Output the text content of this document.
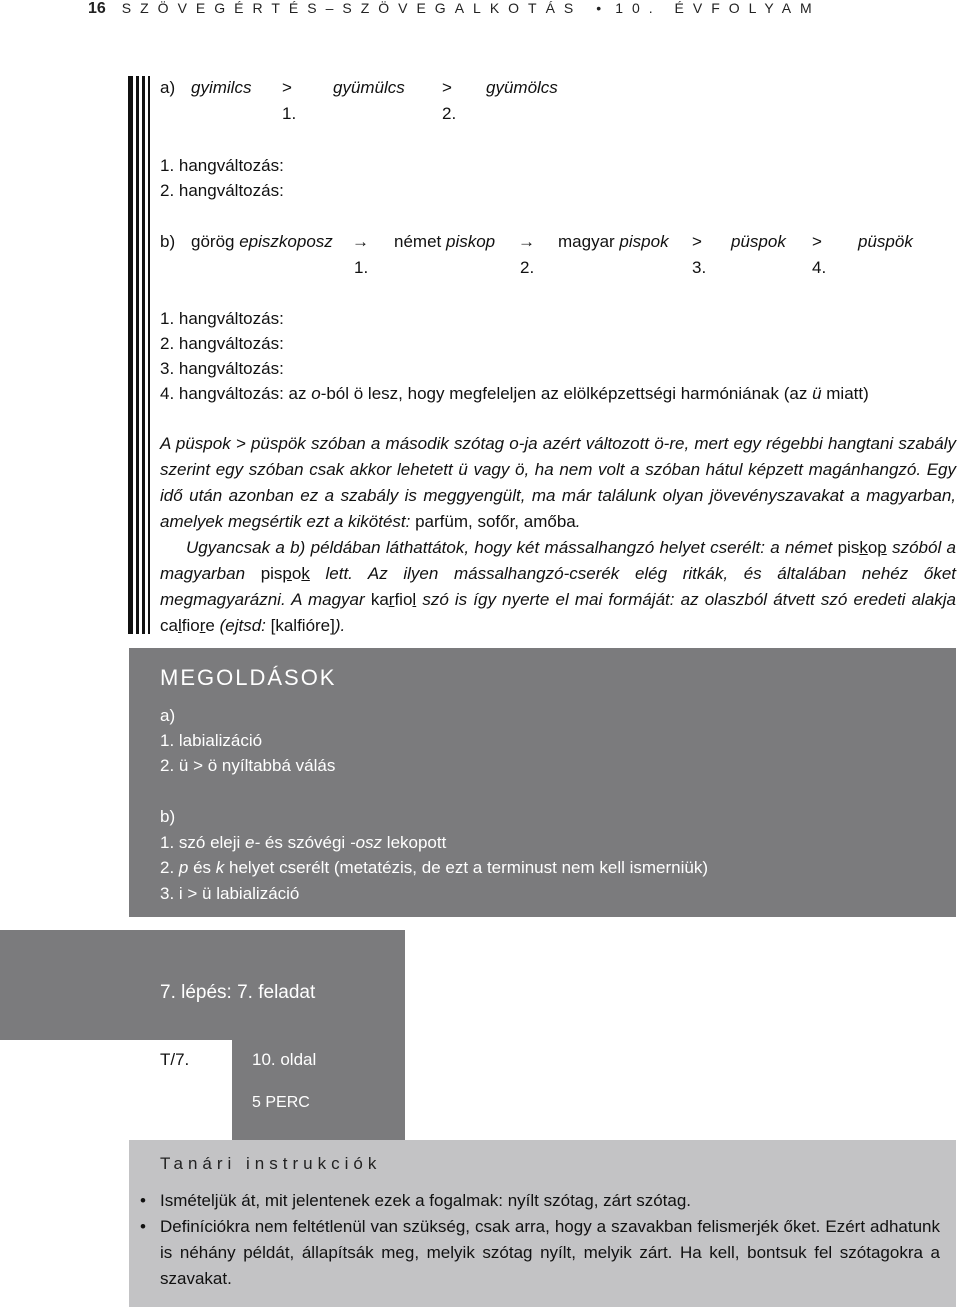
16 SZÖVEGÉRTÉS–SZÖVEGALKOTÁS • 10. ÉVFOLYAM
a) gyimilcs > gyümülcs > gyümölcs
1.	2.
1. hangváltozás:
2. hangváltozás:
b) görög episzkoposz → német piskop → magyar pispok > püspok > püspök
1.	2.	3.	4.
1. hangváltozás:
2. hangváltozás:
3. hangváltozás:
4. hangváltozás: az o-ból ö lesz, hogy megfeleljen az elölképzettségi harmóniának (az ü miatt)

A püspok > püspök szóban a második szótag o-ja azért változott ö-re, mert egy régebbi hangtani szabály szerint egy szóban csak akkor lehetett ü vagy ö, ha nem volt a szóban hátul képzett magánhangzó. Egy idő után azonban ez a szabály is meggyengült, ma már találunk olyan jövevényszavakat a magyarban, amelyek megsértik ezt a kikötést: parfüm, sofőr, amőba.

Ugyancsak a b) példában láthattátok, hogy két mássalhangzó helyet cserélt: a német piskop szóból a magyarban pispok lett. Az ilyen mássalhangzó-cserék elég ritkák, és általában nehéz őket megmagyarázni. A magyar karfiol szó is így nyerte el mai formáját: az olaszból átvett szó eredeti alakja calfiore (ejtsd: [kalfióre]).

MEGOLDÁSOK
a)
1. labializáció
2. ü > ö nyíltabbá válás
b)
1. szó eleji e- és szóvégi -osz lekopott
2. p és k helyet cserélt (metatézis, de ezt a terminust nem kell ismerniük)
3. i > ü labializáció
7. lépés: 7. feladat
T/7.	10. oldal
5 PERC
Tanári instrukciók
• Ismételjük át, mit jelentenek ezek a fogalmak: nyílt szótag, zárt szótag.
• Definíciókra nem feltétlenül van szükség, csak arra, hogy a szavakban felismerjék őket. Ezért adhatunk is néhány példát, állapítsák meg, melyik szótag nyílt, melyik zárt. Ha kell, bontsuk fel szótagokra a szavakat.
